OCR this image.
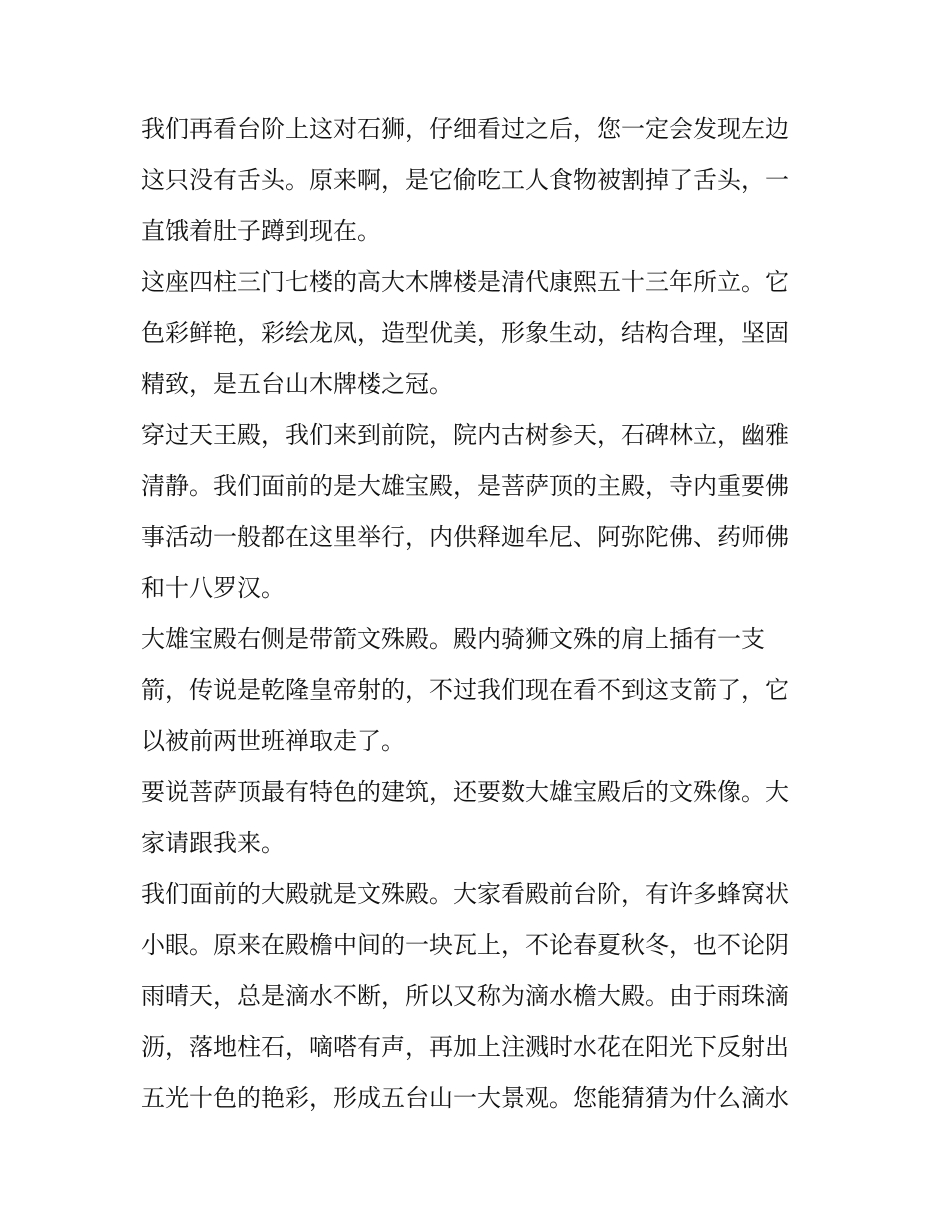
我们再看台阶上这对石狮，仔细看过之后，您一定会发现左边
这只没有舌头。原来啊，是它偷吃工人食物被割掉了舌头，一
直饿着肚子蹲到现在。
这座四柱三门七楼的高大木牌楼是清代康熙五十三年所立。它
色彩鲜艳，彩绘龙凤，造型优美，形象生动，结构合理，坚固
精致，是五台山木牌楼之冠。
穿过天王殿，我们来到前院，院内古树参天，石碑林立，幽雅
清静。我们面前的是大雄宝殿，是菩萨顶的主殿，寺内重要佛
事活动一般都在这里举行，内供释迦牟尼、阿弥陀佛、药师佛
和十八罗汉。
大雄宝殿右侧是带箭文殊殿。殿内骑狮文殊的肩上插有一支
箭，传说是乾隆皇帝射的，不过我们现在看不到这支箭了，它
以被前两世班禅取走了。
要说菩萨顶最有特色的建筑，还要数大雄宝殿后的文殊像。大
家请跟我来。
我们面前的大殿就是文殊殿。大家看殿前台阶，有许多蜂窝状
小眼。原来在殿檐中间的一块瓦上，不论春夏秋冬，也不论阴
雨晴天，总是滴水不断，所以又称为滴水檐大殿。由于雨珠滴
沥，落地柱石，嘀嗒有声，再加上注溅时水花在阳光下反射出
五光十色的艳彩，形成五台山一大景观。您能猜猜为什么滴水
